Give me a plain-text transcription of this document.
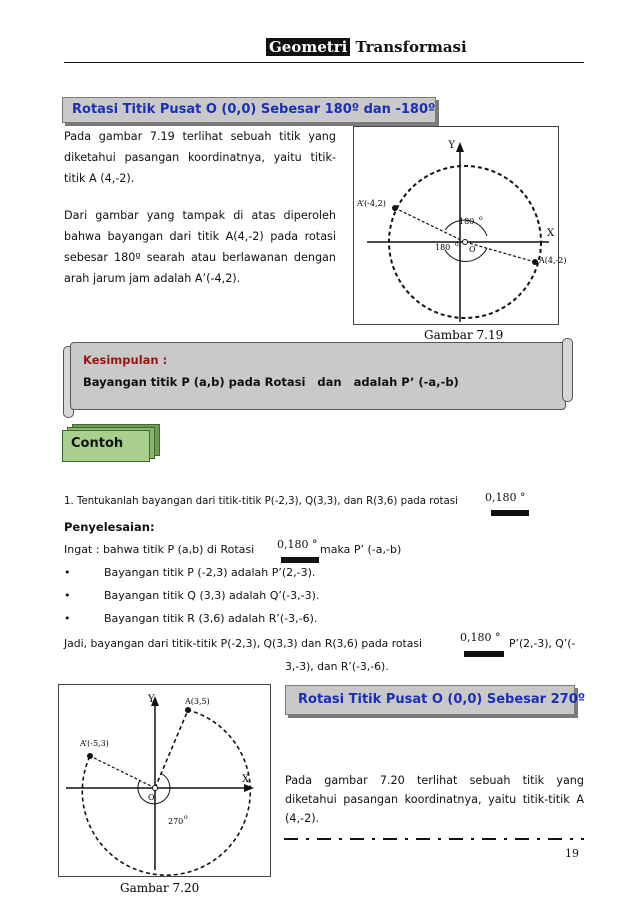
Geometri Transformasi
Rotasi Titik Pusat O (0,0) Sebesar 180º dan -180º
Pada gambar 7.19 terlihat sebuah titik yang diketahui pasangan koordinatnya, yaitu titik-titik A (4,-2).
Dari gambar yang tampak di atas diperoleh bahwa bayangan dari titik A(4,-2) pada rotasi sebesar 180º searah atau berlawanan dengan arah jarum jam adalah A’(-4,2).
Y
X
A(4,-2)
A’(-4,2)
180 o
180 o
O
Gambar 7.19
Kesimpulan :
Bayangan titik P (a,b) pada Rotasi   dan   adalah P’ (-a,-b)
Contoh
1. Tentukanlah bayangan dari titik-titik P(-2,3), Q(3,3), dan R(3,6) pada rotasi 0,180 °
Penyelesaian:
Ingat : bahwa titik P (a,b) di Rotasi 0,180 ° maka P’ (-a,-b)
•	Bayangan titik P (-2,3) adalah P’(2,-3).
•	Bayangan titik Q (3,3) adalah Q’(-3,-3).
•	Bayangan titik R (3,6) adalah R’(-3,-6).
Jadi, bayangan dari titik-titik P(-2,3), Q(3,3) dan R(3,6) pada rotasi	0,180 ° P’(2,-3), Q’(-
3,-3), dan R’(-3,-6).
Y
X
A(3,5)
A’(-5,3)
270 o
O
Gambar 7.20
Rotasi Titik Pusat O (0,0) Sebesar 270º
Pada gambar 7.20 terlihat sebuah titik yang diketahui pasangan koordinatnya, yaitu titik-titik A (4,-2).
19
